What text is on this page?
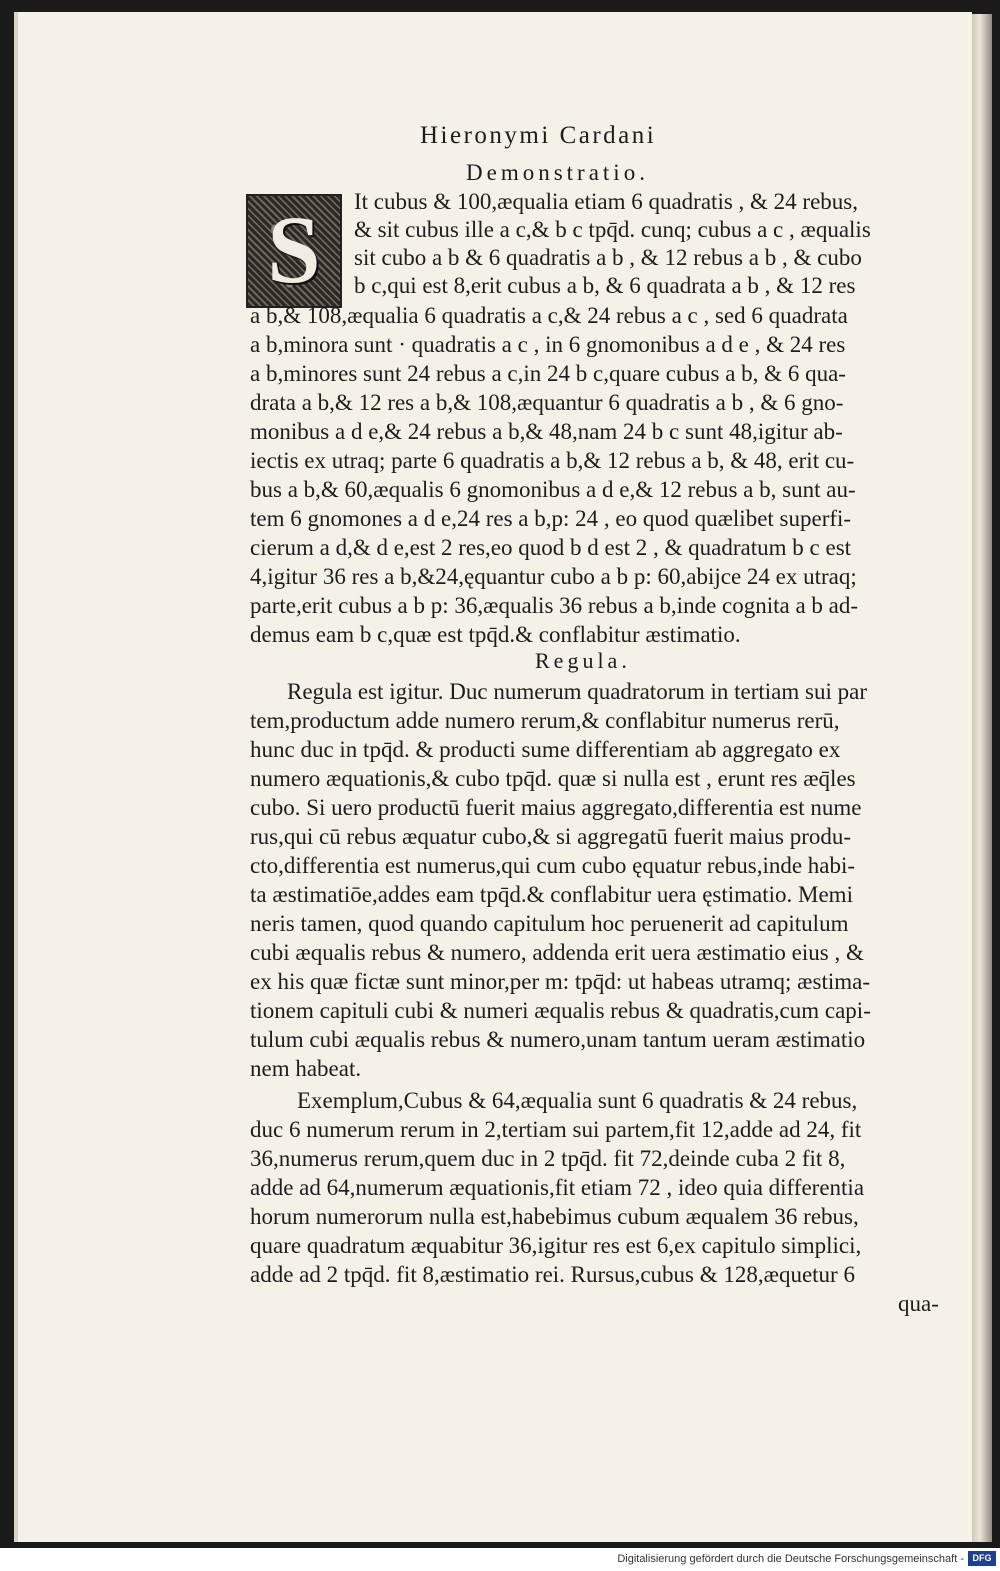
Hieronymi Cardani
Demonstratio.
S	It cubus & 100,æqualia etiam 6 quadratis , & 24 rebus,
& sit cubus ille a c,& b c tpq̄d. cunq; cubus a c , æqualis
sit cubo a b & 6 quadratis a b , & 12 rebus a b , & cubo
b c,qui est 8,erit cubus a b, & 6 quadrata a b , & 12 res
a b,& 108,æqualia 6 quadratis a c,& 24 rebus a c , sed 6 quadrata
a b,minora sunt · quadratis a c , in 6 gnomonibus a d e , & 24 res
a b,minores sunt 24 rebus a c,in 24 b c,quare cubus a b, & 6 qua-
drata a b,& 12 res a b,& 108,æquantur 6 quadratis a b , & 6 gno-
monibus a d e,& 24 rebus a b,& 48,nam 24 b c sunt 48,igitur ab-
iectis ex utraq; parte 6 quadratis a b,& 12 rebus a b, & 48, erit cu-
bus a b,& 60,æqualis 6 gnomonibus a d e,& 12 rebus a b, sunt au-
tem 6 gnomones a d e,24 res a b,p: 24 , eo quod quælibet superfi-
cierum a d,& d e,est 2 res,eo quod b d est 2 , & quadratum b c est
4,igitur 36 res a b,&24,ęquantur cubo a b p: 60,abijce 24 ex utraq;
parte,erit cubus a b p: 36,æqualis 36 rebus a b,inde cognita a b ad-
demus eam b c,quæ est tpq̄d.& conflabitur æstimatio.
Regula.
Regula est igitur. Duc numerum quadratorum in tertiam sui par
tem,productum adde numero rerum,& conflabitur numerus rerū,
hunc duc in tpq̄d. & producti sume differentiam ab aggregato ex
numero æquationis,& cubo tpq̄d. quæ si nulla est , erunt res æq̄les
cubo. Si uero productū fuerit maius aggregato,differentia est nume
rus,qui cū rebus æquatur cubo,& si aggregatū fuerit maius produ-
cto,differentia est numerus,qui cum cubo ęquatur rebus,inde habi-
ta æstimatiōe,addes eam tpq̄d.& conflabitur uera ęstimatio. Memi
neris tamen, quod quando capitulum hoc peruenerit ad capitulum
cubi æqualis rebus & numero, addenda erit uera æstimatio eius , &
ex his quæ fictæ sunt minor,per m: tpq̄d: ut habeas utramq; æstima-
tionem capituli cubi & numeri æqualis rebus & quadratis,cum capi-
tulum cubi æqualis rebus & numero,unam tantum ueram æstimatio
nem habeat.
Exemplum,Cubus & 64,æqualia sunt 6 quadratis & 24 rebus,
duc 6 numerum rerum in 2,tertiam sui partem,fit 12,adde ad 24, fit
36,numerus rerum,quem duc in 2 tpq̄d. fit 72,deinde cuba 2 fit 8,
adde ad 64,numerum æquationis,fit etiam 72 , ideo quia differentia
horum numerorum nulla est,habebimus cubum æqualem 36 rebus,
quare quadratum æquabitur 36,igitur res est 6,ex capitulo simplici,
adde ad 2 tpq̄d. fit 8,æstimatio rei. Rursus,cubus & 128,æquetur 6
qua-
Digitalisierung gefördert durch die Deutsche Forschungsgemeinschaft - DFG
